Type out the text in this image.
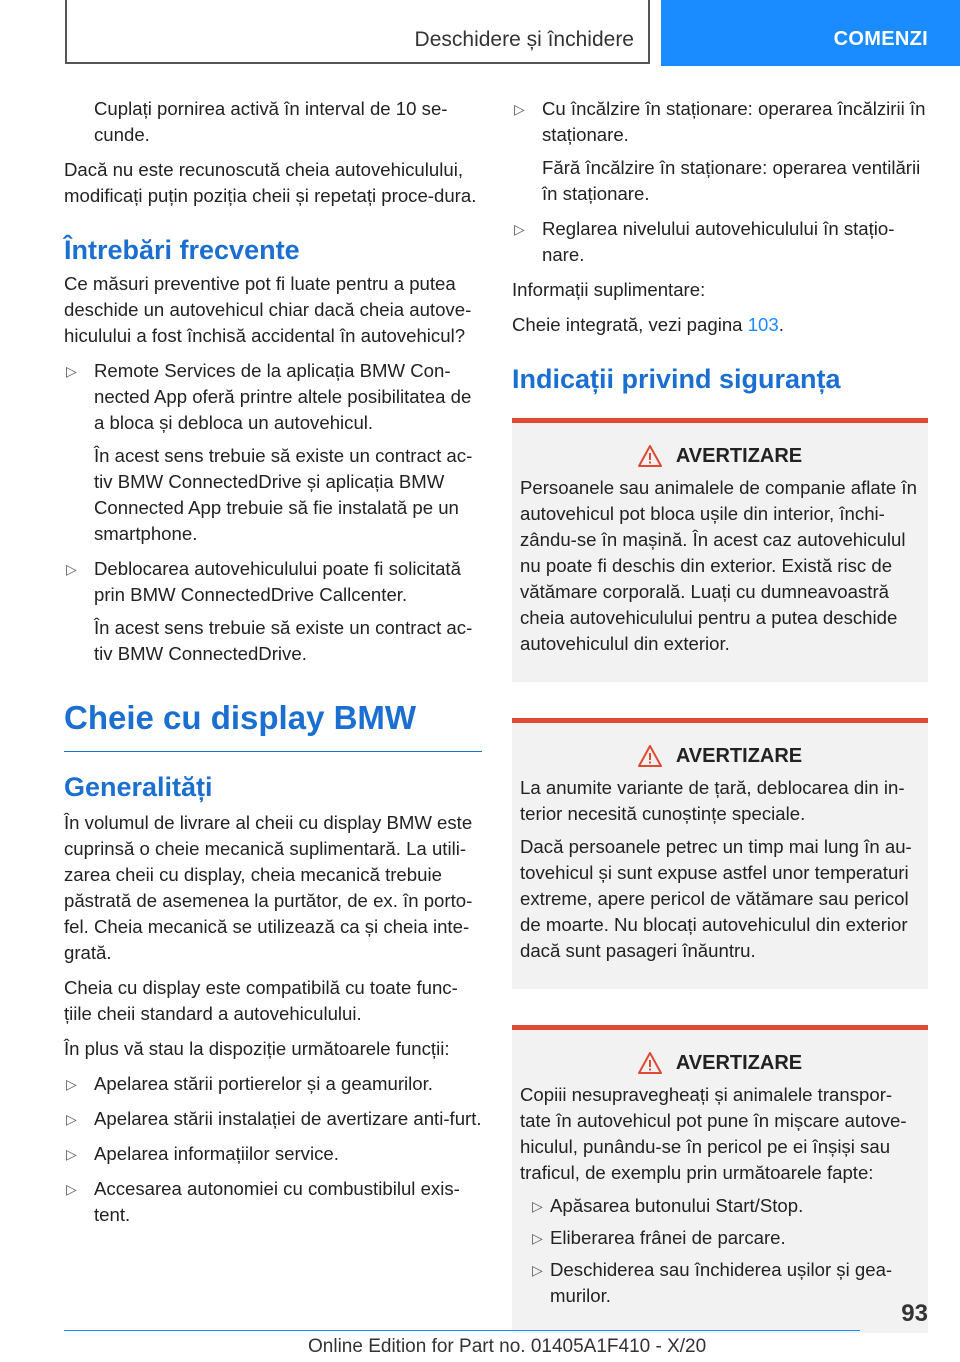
Deschidere și închidere	COMENZI
Cuplați pornirea activă în interval de 10 se‐cunde.
Dacă nu este recunoscută cheia autovehiculului, modificați puțin poziția cheii și repetați proce‐dura.
Întrebări frecvente
Ce măsuri preventive pot fi luate pentru a putea deschide un autovehicul chiar dacă cheia autove‐hiculului a fost închisă accidental în autovehicul?
▷ Remote Services de la aplicația BMW Con‐nected App oferă printre altele posibilitatea de a bloca și debloca un autovehicul.
În acest sens trebuie să existe un contract ac‐tiv BMW ConnectedDrive și aplicația BMW Connected App trebuie să fie instalată pe un smartphone.
▷ Deblocarea autovehiculului poate fi solicitată prin BMW ConnectedDrive Callcenter.
În acest sens trebuie să existe un contract ac‐tiv BMW ConnectedDrive.
Cheie cu display BMW
Generalități
În volumul de livrare al cheii cu display BMW este cuprinsă o cheie mecanică suplimentară. La utili‐zarea cheii cu display, cheia mecanică trebuie păstrată de asemenea la purtător, de ex. în porto‐fel. Cheia mecanică se utilizează ca și cheia inte‐grată.
Cheia cu display este compatibilă cu toate func‐țiile cheii standard a autovehiculului.
În plus vă stau la dispoziție următoarele funcții:
▷ Apelarea stării portierelor și a geamurilor.
▷ Apelarea stării instalației de avertizare anti‐furt.
▷ Apelarea informațiilor service.
▷ Accesarea autonomiei cu combustibilul exis‐tent.
▷ Cu încălzire în staționare: operarea încălzirii în staționare.
Fără încălzire în staționare: operarea ventilării în staționare.
▷ Reglarea nivelului autovehiculului în stațio‐nare.
Informații suplimentare:
Cheie integrată, vezi pagina 103.
Indicații privind siguranța
AVERTIZARE
Persoanele sau animalele de companie aflate în autovehicul pot bloca ușile din interior, închi‐zându-se în mașină. În acest caz autovehiculul nu poate fi deschis din exterior. Există risc de vătămare corporală. Luați cu dumneavoastră cheia autovehiculului pentru a putea deschide autovehiculul din exterior.
AVERTIZARE
La anumite variante de țară, deblocarea din in‐terior necesită cunoștințe speciale.
Dacă persoanele petrec un timp mai lung în au‐tovehicul și sunt expuse astfel unor temperaturi extreme, apere pericol de vătămare sau pericol de moarte. Nu blocați autovehiculul din exterior dacă sunt pasageri înăuntru.
AVERTIZARE
Copiii nesupravegheați și animalele transpor‐tate în autovehicul pot pune în mișcare autove‐hiculul, punându-se în pericol pe ei înșiși sau traficul, de exemplu prin următoarele fapte:
▷ Apăsarea butonului Start/Stop.
▷ Eliberarea frânei de parcare.
▷ Deschiderea sau închiderea ușilor și gea‐murilor.
93
Online Edition for Part no. 01405A1F410 - X/20
